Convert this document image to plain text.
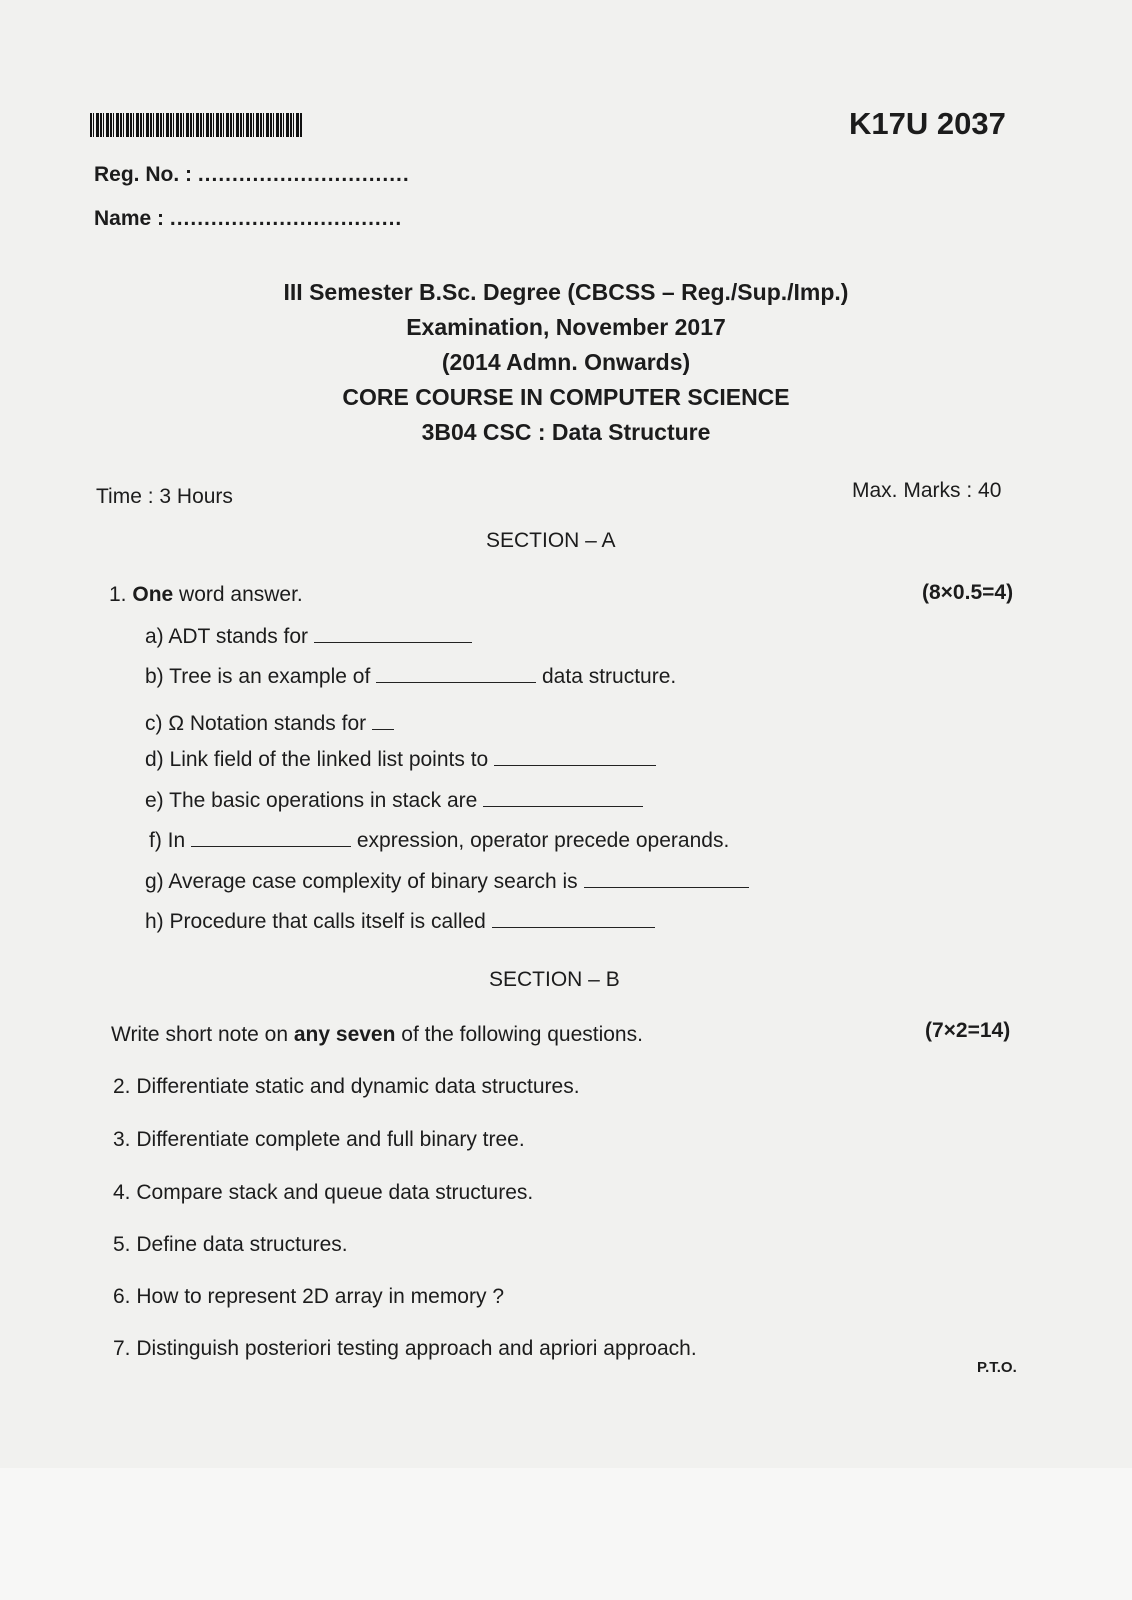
K17U 2037
Reg. No. : ...............................
Name : ..................................
III Semester B.Sc. Degree (CBCSS – Reg./Sup./Imp.)
Examination, November 2017
(2014 Admn. Onwards)
CORE COURSE IN COMPUTER SCIENCE
3B04 CSC : Data Structure
Time : 3 Hours	Max. Marks : 40
SECTION – A
1. One word answer.	(8×0.5=4)
a) ADT stands for
b) Tree is an example of	data structure.
c) Ω Notation stands for
d) Link field of the linked list points to
e) The basic operations in stack are
f) In	expression, operator precede operands.
g) Average case complexity of binary search is
h) Procedure that calls itself is called
SECTION – B
Write short note on any seven of the following questions.	(7×2=14)
2. Differentiate static and dynamic data structures.
3. Differentiate complete and full binary tree.
4. Compare stack and queue data structures.
5. Define data structures.
6. How to represent 2D array in memory ?
7. Distinguish posteriori testing approach and apriori approach.
P.T.O.
